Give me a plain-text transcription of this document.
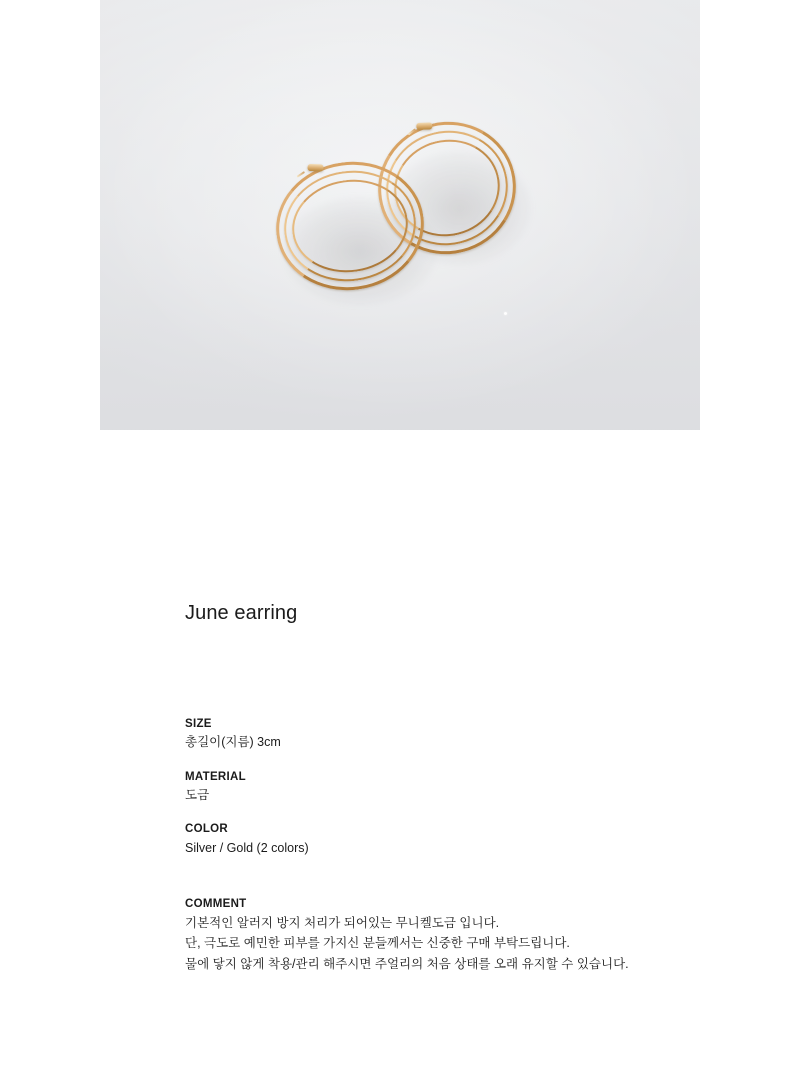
June earring
SIZE
총길이(지름) 3cm
MATERIAL
도금
COLOR
Silver / Gold (2 colors)
COMMENT
기본적인 알러지 방지 처리가 되어있는 무니켈도금 입니다.
단, 극도로 예민한 피부를 가지신 분들께서는 신중한 구매 부탁드립니다.
물에 닿지 않게 착용/관리 해주시면 주얼리의 처음 상태를 오래 유지할 수 있습니다.
